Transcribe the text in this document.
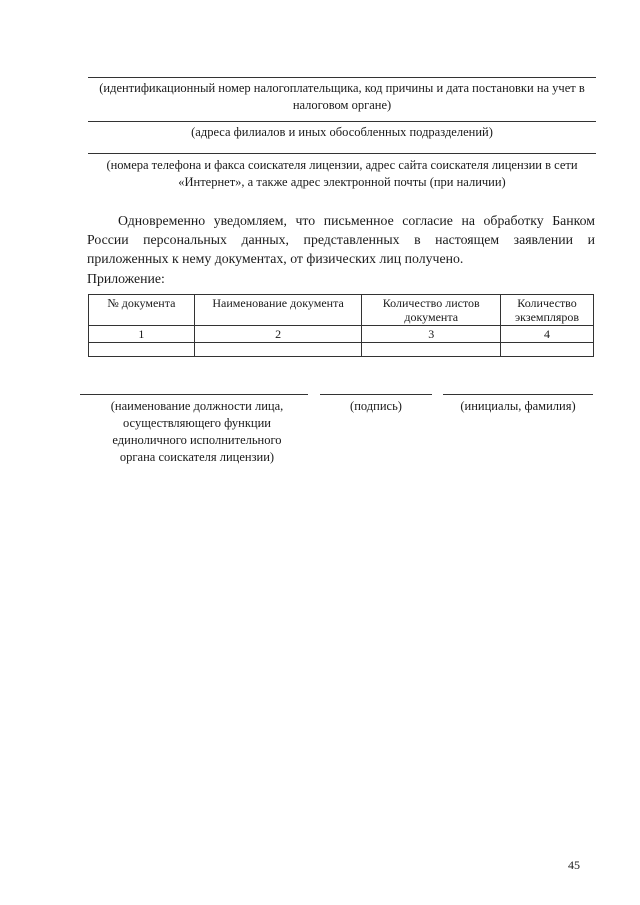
(идентификационный номер налогоплательщика, код причины и дата постановки на учет в налоговом органе)
(адреса филиалов и иных обособленных подразделений)
(номера телефона и факса соискателя лицензии, адрес сайта соискателя лицензии в сети «Интернет», а также адрес электронной почты (при наличии)
Одновременно уведомляем, что письменное согласие на обработку Банком России персональных данных, представленных в настоящем заявлении и приложенных к нему документах, от физических лиц получено.
Приложение:
№ документа	Наименование документа	Количество листов документа	Количество экземпляров
1	2	3	4

(наименование должности лица, осуществляющего функции единоличного исполнительного органа соискателя лицензии)
(подпись)	(инициалы, фамилия)
45
